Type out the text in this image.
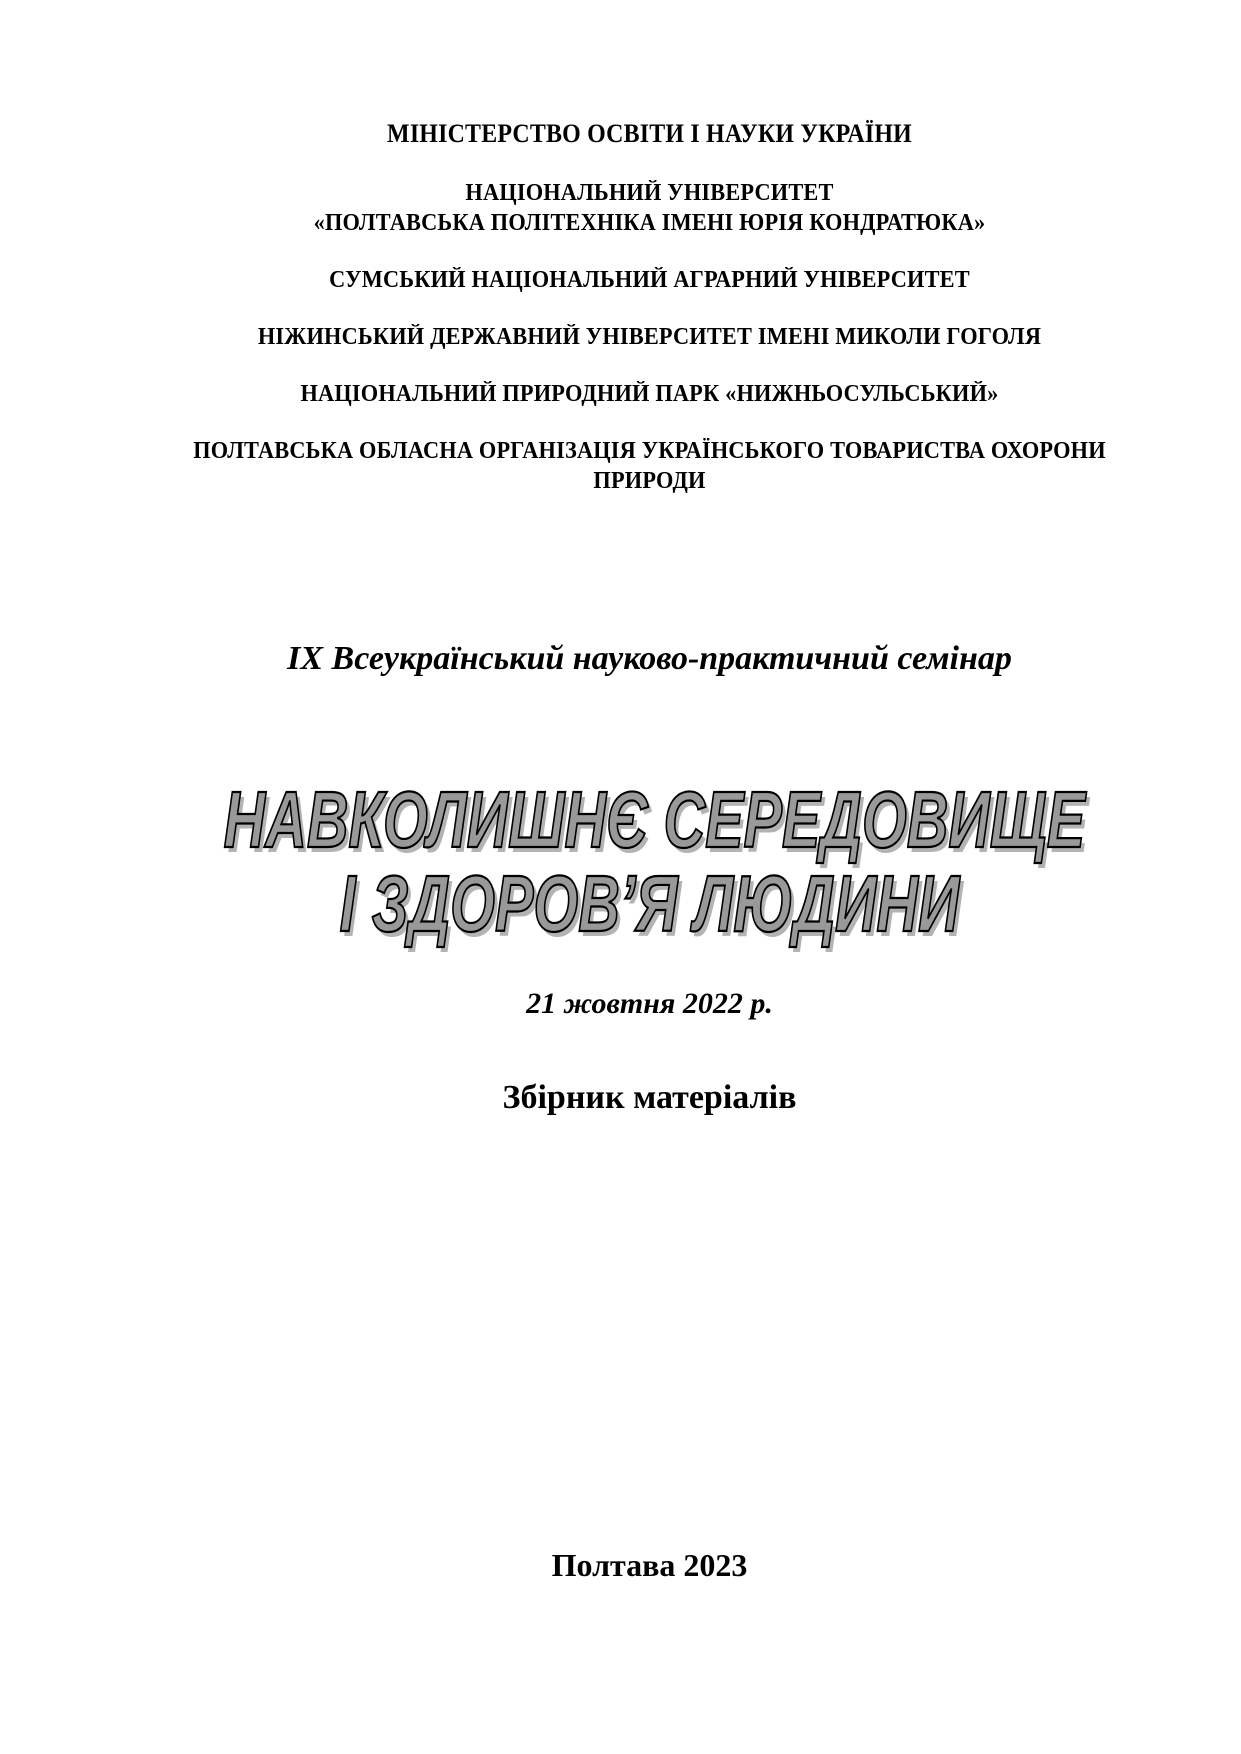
МІНІСТЕРСТВО ОСВІТИ І НАУКИ УКРАЇНИ

НАЦІОНАЛЬНИЙ УНІВЕРСИТЕТ
«ПОЛТАВСЬКА ПОЛІТЕХНІКА ІМЕНІ ЮРІЯ КОНДРАТЮКА»

СУМСЬКИЙ НАЦІОНАЛЬНИЙ АГРАРНИЙ УНІВЕРСИТЕТ

НІЖИНСЬКИЙ ДЕРЖАВНИЙ УНІВЕРСИТЕТ ІМЕНІ МИКОЛИ ГОГОЛЯ

НАЦІОНАЛЬНИЙ ПРИРОДНИЙ ПАРК «НИЖНЬОСУЛЬСЬКИЙ»

ПОЛТАВСЬКА ОБЛАСНА ОРГАНІЗАЦІЯ УКРАЇНСЬКОГО ТОВАРИСТВА ОХОРОНИ ПРИРОДИ

ІХ Всеукраїнський науково-практичний семінар

НАВКОЛИШНЄ СЕРЕДОВИЩЕ
І ЗДОРОВ’Я ЛЮДИНИ

21 жовтня 2022 р.

Збірник матеріалів

Полтава 2023
